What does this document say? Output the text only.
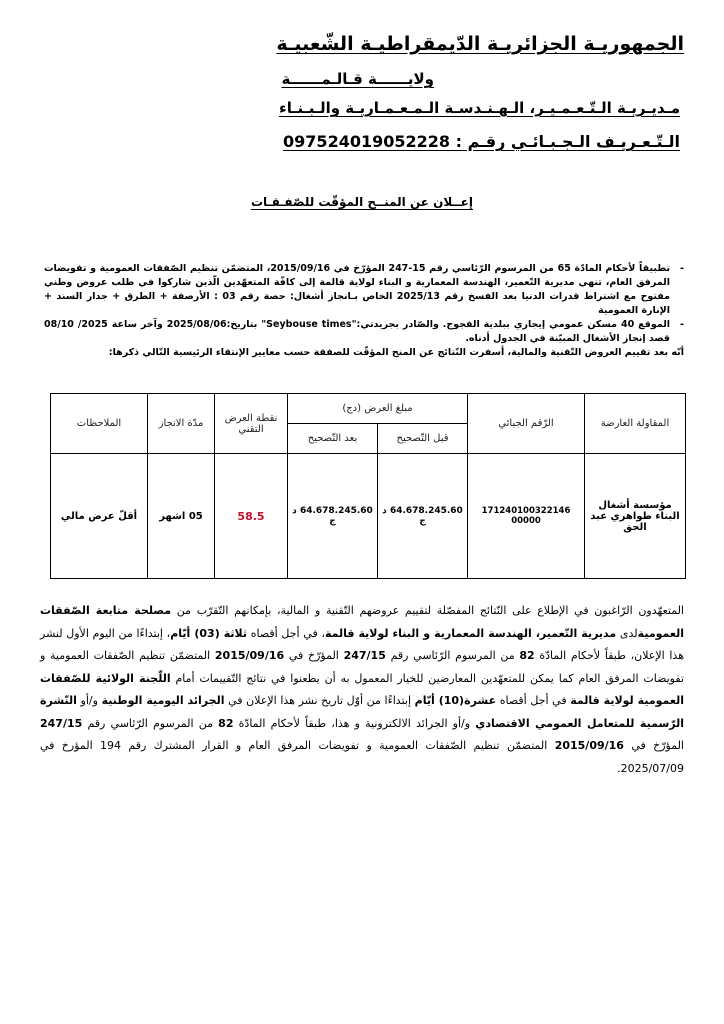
الجمهوريـة الجزائريـة الدّيمقراطيـة الشّعبيـة
ولايــــــة قـالـمــــــة
مـديـريـة الـتّـعـمـيـر، الـهـنـدسـة الـمـعـمـاريـة والـبـنـاء
الـتّـعـريـف الـجـبـائـي رقـم : 097524019052228
إعــلان عن المنــح المؤقّت للصّفـقـات

- تطبيقاً لأحكام المادّة 65 من المرسوم الرّئاسي رقم 15-247 المؤرّخ في 2015/09/16، المتضمّن تنظيم الصّفقات العمومية و تفويضات المرفق العام، تنهي مديرية التّعمير، الهندسة المعمارية و البناء لولاية قالمة إلى كافّة المتعهّدين الّذين شاركوا في طلب عروض وطني مفتوح مع اشتراط قدرات الدنيا بعد الفسخ رقم 2025/13 الخاص بـانجاز أشغال: حصة رقم 03 : الأرصفة + الطرق + جدار السند + الإنارة العمومية

- الموقع 40 مسكن عمومي إيجاري ببلدية الفجوج. والصّادر بجريدتي:"Seybouse times" بتاريخ:2025/08/06 وآخر ساعة 2025/ 08/10 قصد إنجاز الأشغال المبيّنة في الجدول أدناه.

أنّه بعد تقييم العروض التّقنية والمالية، أسفرت النّتائج عن المنح المؤقّت للصفقة حسب معايير الإنتقاء الرئيسية التّالي ذكرها:

المقاولة العارضة	الرّقم الجبائي	مبلغ العرض (دج)		نقطة العرض التقني	مدّة الانجاز	الملاحظات
		قبل التّصحيح	بعد التّصحيح			
مؤسسة أشغال البناء طواهري عبد الحق	171240100322146​00000	64.678.245.60 د ج	64.678.245.60 د ج	58.5	05 اشهر	أقلّ عرض مالي
المتعهّدون الرّاغبون في الإطلاع على النّتائج المفصّلة لتقييم عروضهم التّقنية و المالية، بإمكانهم التّقرّب من مصلحة متابعة الصّفقات العموميةلدى مديرية التّعمير، الهندسة المعمارية و البناء لولاية قالمة، في أجل أقصاه ثلاثة (03) أيّام، إبتداءًا من اليوم الأول لنشر هذا الإعلان، طبقاً لأحكام المادّة 82 من المرسوم الرّئاسي رقم 247/15 المؤرّخ في 2015/09/16 المتضمّن تنظيم الصّفقات العمومية و تفويضات المرفق العام كما يمكن للمتعهّدين المعارضين للخيار المعمول به أن يطعنوا في نتائج التّقييمات أمام اللّجنة الولائية للصّفقات العمومية لولاية قالمة في أجل أقصاه عشرة(10) أيّام إبتداءًا من أوّل تاريخ نشر هذا الإعلان في الجرائد اليومية الوطنية و/أو النّشرة الرّسمية للمتعامل العمومي الاقتصادي و/أو الجرائد الالكترونية و هذا، طبقاً لأحكام المادّة 82 من المرسوم الرّئاسي رقم 247/15 المؤرّخ في 2015/09/16 المتضمّن تنظيم الصّفقات العمومية و تفويضات المرفق العام و القرار المشترك رقم 194 المؤرخ في 2025/07/09.
